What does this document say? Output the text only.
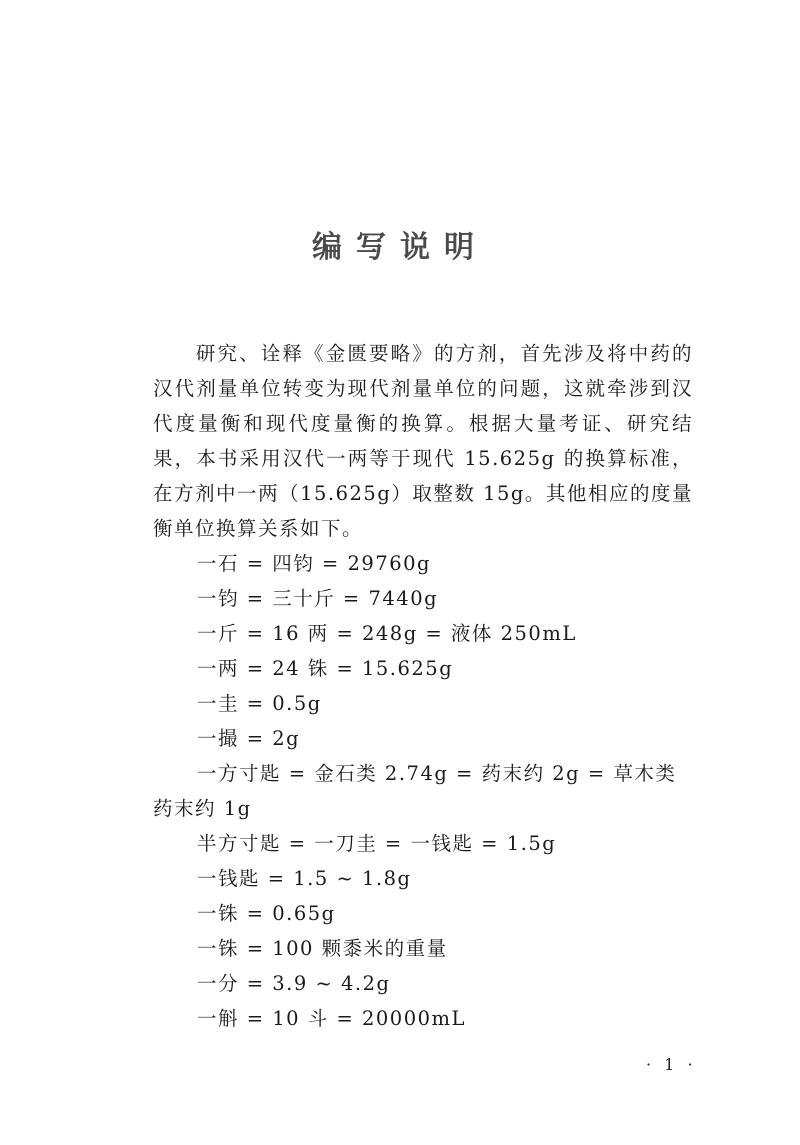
编写说明

研究、诠释《金匮要略》的方剂，首先涉及将中药的汉代剂量单位转变为现代剂量单位的问题，这就牵涉到汉代度量衡和现代度量衡的换算。根据大量考证、研究结果，本书采用汉代一两等于现代 15.625g 的换算标准，在方剂中一两（15.625g）取整数 15g。其他相应的度量衡单位换算关系如下。

一石 = 四钧 = 29760g

一钧 = 三十斤 = 7440g

一斤 = 16 两 = 248g = 液体 250mL

一两 = 24 铢 = 15.625g

一圭 = 0.5g

一撮 = 2g

一方寸匙 = 金石类 2.74g = 药末约 2g = 草木类药末约 1g

半方寸匙 = 一刀圭 = 一钱匙 = 1.5g

一钱匙 = 1.5 ~ 1.8g

一铢 = 0.65g

一铢 = 100 颗黍米的重量

一分 = 3.9 ~ 4.2g

一斛 = 10 斗 = 20000mL

· 1 ·
